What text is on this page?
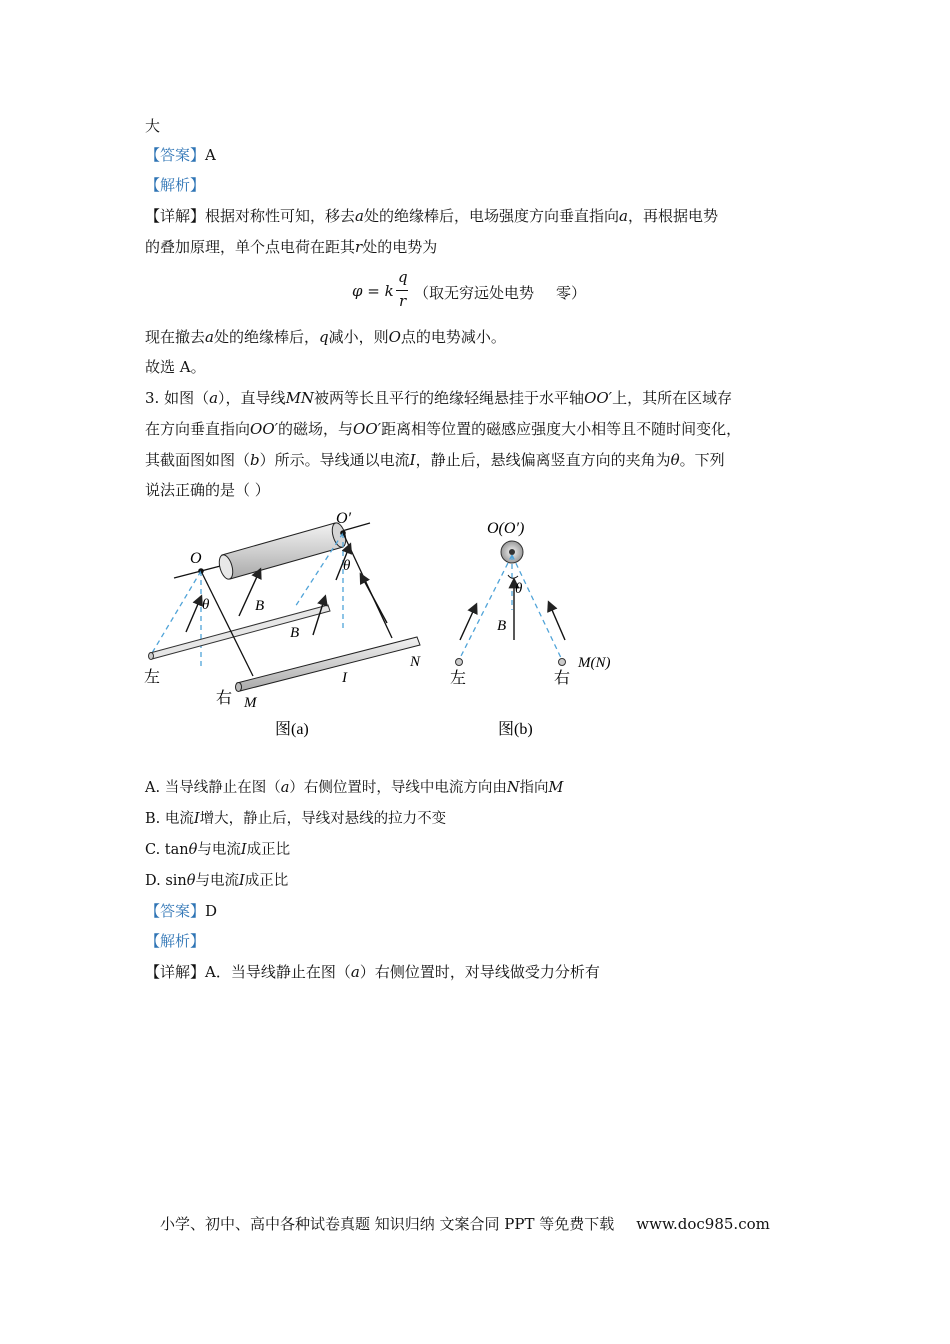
大
【答案】A
【解析】
【详解】根据对称性可知，移去a处的绝缘棒后，电场强度方向垂直指向a，再根据电势
的叠加原理，单个点电荷在距其r处的电势为
φ = k
q
r （取无穷远处电势 零）
现在撤去a处的绝缘棒后，q减小，则O点的电势减小。
故选 A。
3. 如图（a），直导线MN被两等长且平行的绝缘轻绳悬挂于水平轴OO′上，其所在区域存
在方向垂直指向OO′的磁场，与OO′距离相等位置的磁感应强度大小相等且不随时间变化，
其截面图如图（b）所示。导线通以电流I，静止后，悬线偏离竖直方向的夹角为θ。下列
说法正确的是（ ）
O
O′
θ
θ
B
B
左
右 M
I
N
图(a)
O(O′)
θ
B
左	右
M(N)
图(b)
A. 当导线静止在图（a）右侧位置时，导线中电流方向由N指向M
B. 电流I增大，静止后，导线对悬线的拉力不变
C. tanθ与电流I成正比
D. sinθ与电流I成正比
【答案】D
【解析】
【详解】A．当导线静止在图（a）右侧位置时，对导线做受力分析有
小学、初中、高中各种试卷真题 知识归纳 文案合同 PPT 等免费下载 www.doc985.com
